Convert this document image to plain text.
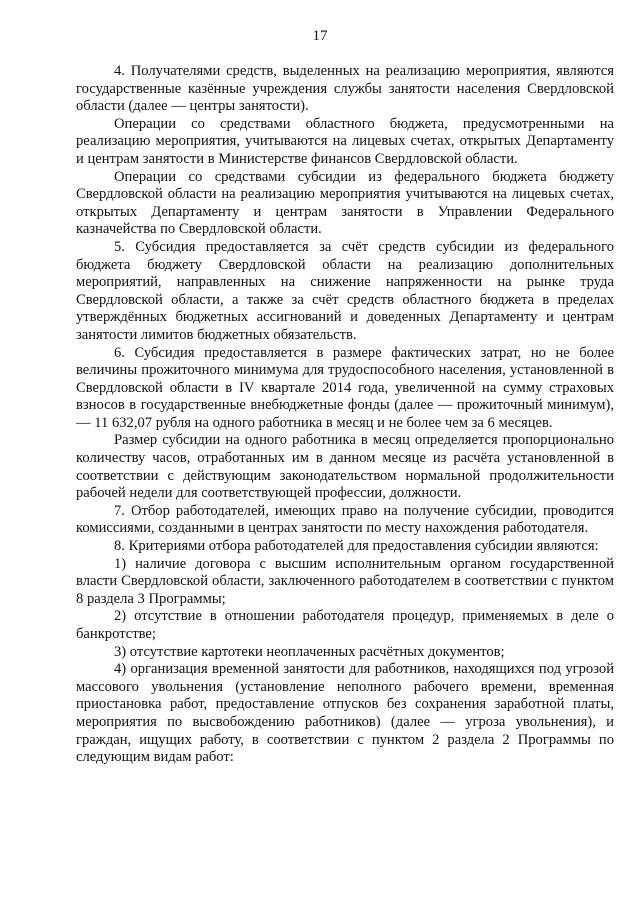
17

4. Получателями средств, выделенных на реализацию мероприятия, являются государственные казённые учреждения службы занятости населения Свердловской области (далее — центры занятости).

Операции со средствами областного бюджета, предусмотренными на реализацию мероприятия, учитываются на лицевых счетах, открытых Департаменту и центрам занятости в Министерстве финансов Свердловской области.

Операции со средствами субсидии из федерального бюджета бюджету Свердловской области на реализацию мероприятия учитываются на лицевых счетах, открытых Департаменту и центрам занятости в Управлении Федерального казначейства по Свердловской области.

5. Субсидия предоставляется за счёт средств субсидии из федерального бюджета бюджету Свердловской области на реализацию дополнительных мероприятий, направленных на снижение напряженности на рынке труда Свердловской области, а также за счёт средств областного бюджета в пределах утверждённых бюджетных ассигнований и доведенных Департаменту и центрам занятости лимитов бюджетных обязательств.

6. Субсидия предоставляется в размере фактических затрат, но не более величины прожиточного минимума для трудоспособного населения, установленной в Свердловской области в IV квартале 2014 года, увеличенной на сумму страховых взносов в государственные внебюджетные фонды (далее — прожиточный минимум), — 11 632,07 рубля на одного работника в месяц и не более чем за 6 месяцев.

Размер субсидии на одного работника в месяц определяется пропорционально количеству часов, отработанных им в данном месяце из расчёта установленной в соответствии с действующим законодательством нормальной продолжительности рабочей недели для соответствующей профессии, должности.

7. Отбор работодателей, имеющих право на получение субсидии, проводится комиссиями, созданными в центрах занятости по месту нахождения работодателя.

8. Критериями отбора работодателей для предоставления субсидии являются:

1) наличие договора с высшим исполнительным органом государственной власти Свердловской области, заключенного работодателем в соответствии с пунктом 8 раздела 3 Программы;

2) отсутствие в отношении работодателя процедур, применяемых в деле о банкротстве;

3) отсутствие картотеки неоплаченных расчётных документов;

4) организация временной занятости для работников, находящихся под угрозой массового увольнения (установление неполного рабочего времени, временная приостановка работ, предоставление отпусков без сохранения заработной платы, мероприятия по высвобождению работников) (далее — угроза увольнения), и граждан, ищущих работу, в соответствии с пунктом 2 раздела 2 Программы по следующим видам работ:
